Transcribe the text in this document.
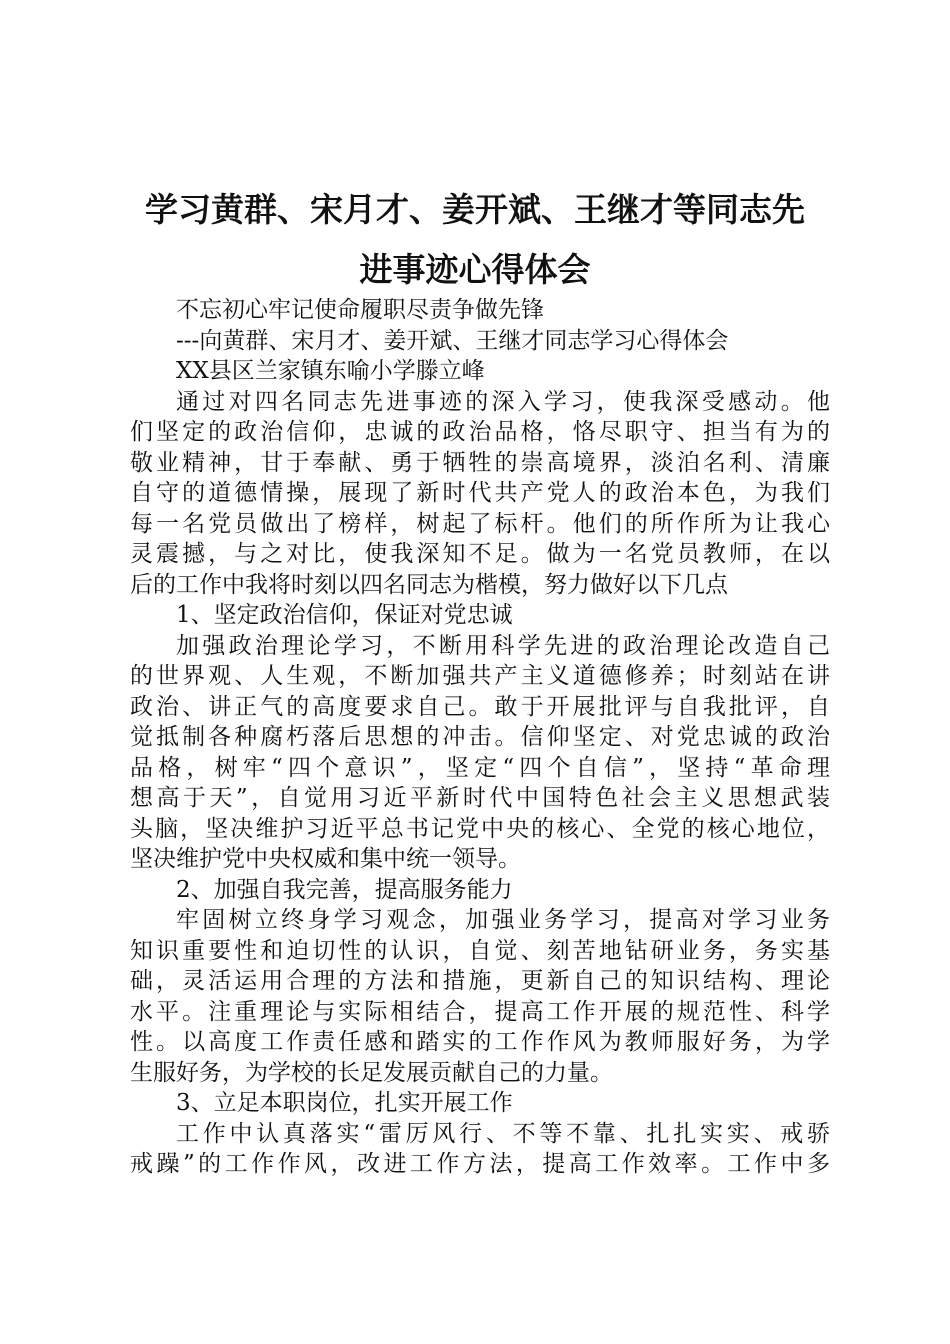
学习黄群、宋月才、姜开斌、王继才等同志先
进事迹心得体会
不忘初心牢记使命履职尽责争做先锋
---向黄群、宋月才、姜开斌、王继才同志学习心得体会
XX县区兰家镇东喻小学滕立峰
通过对四名同志先进事迹的深入学习，使我深受感动。他
们坚定的政治信仰，忠诚的政治品格，恪尽职守、担当有为的
敬业精神，甘于奉献、勇于牺牲的崇高境界，淡泊名利、清廉
自守的道德情操，展现了新时代共产党人的政治本色，为我们
每一名党员做出了榜样，树起了标杆。他们的所作所为让我心
灵震撼，与之对比，使我深知不足。做为一名党员教师，在以
后的工作中我将时刻以四名同志为楷模，努力做好以下几点
1、坚定政治信仰，保证对党忠诚
加强政治理论学习，不断用科学先进的政治理论改造自己
的世界观、人生观，不断加强共产主义道德修养；时刻站在讲
政治、讲正气的高度要求自己。敢于开展批评与自我批评，自
觉抵制各种腐朽落后思想的冲击。信仰坚定、对党忠诚的政治
品格，树牢“四个意识”，坚定“四个自信”，坚持“革命理
想高于天”，自觉用习近平新时代中国特色社会主义思想武装
头脑，坚决维护习近平总书记党中央的核心、全党的核心地位，
坚决维护党中央权威和集中统一领导。
2、加强自我完善，提高服务能力
牢固树立终身学习观念，加强业务学习，提高对学习业务
知识重要性和迫切性的认识，自觉、刻苦地钻研业务，务实基
础，灵活运用合理的方法和措施，更新自己的知识结构、理论
水平。注重理论与实际相结合，提高工作开展的规范性、科学
性。以高度工作责任感和踏实的工作作风为教师服好务，为学
生服好务，为学校的长足发展贡献自己的力量。
3、立足本职岗位，扎实开展工作
工作中认真落实“雷厉风行、不等不靠、扎扎实实、戒骄
戒躁”的工作作风，改进工作方法，提高工作效率。工作中多
